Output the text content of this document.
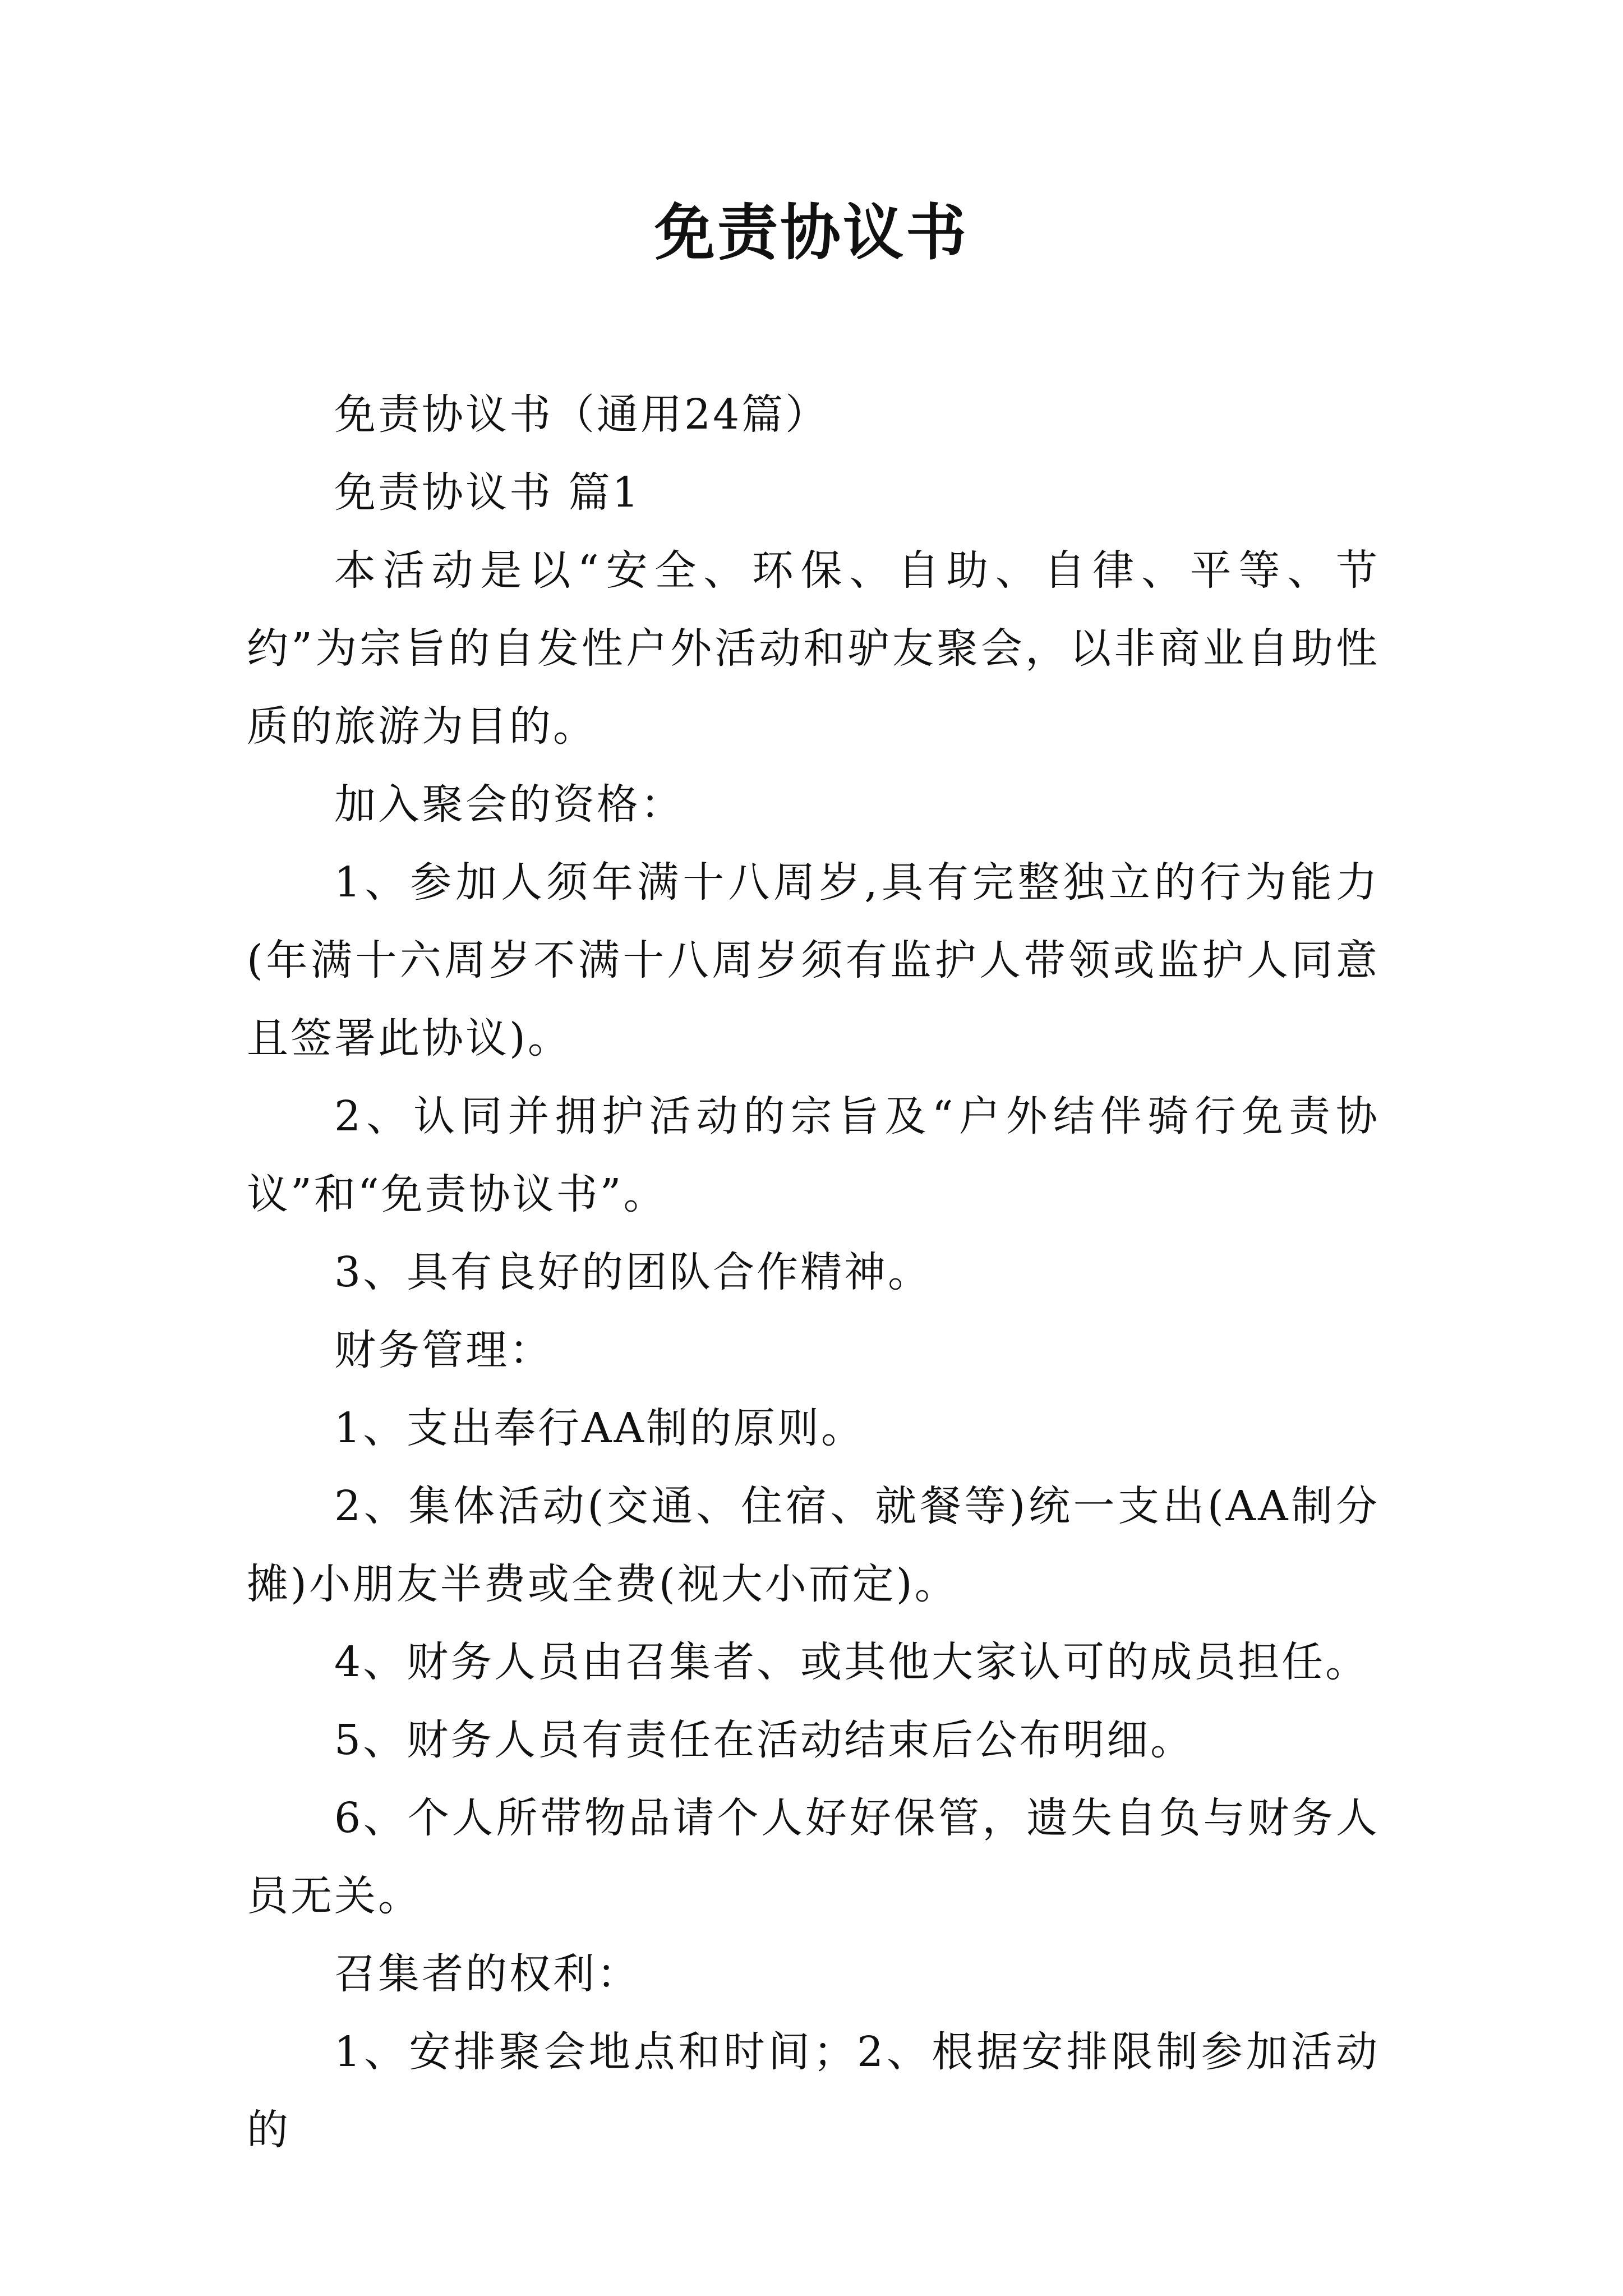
免责协议书

免责协议书（通用24篇）

免责协议书 篇1

本活动是以“安全、环保、自助、自律、平等、节约”为宗旨的自发性户外活动和驴友聚会，以非商业自助性质的旅游为目的。

加入聚会的资格：

1、参加人须年满十八周岁,具有完整独立的行为能力(年满十六周岁不满十八周岁须有监护人带领或监护人同意且签署此协议)。

2、认同并拥护活动的宗旨及“户外结伴骑行免责协议”和“免责协议书”。

3、具有良好的团队合作精神。

财务管理：

1、支出奉行AA制的原则。

2、集体活动(交通、住宿、就餐等)统一支出(AA制分摊)小朋友半费或全费(视大小而定)。

4、财务人员由召集者、或其他大家认可的成员担任。

5、财务人员有责任在活动结束后公布明细。

6、个人所带物品请个人好好保管，遗失自负与财务人员无关。

召集者的权利：

1、安排聚会地点和时间；2、根据安排限制参加活动的
